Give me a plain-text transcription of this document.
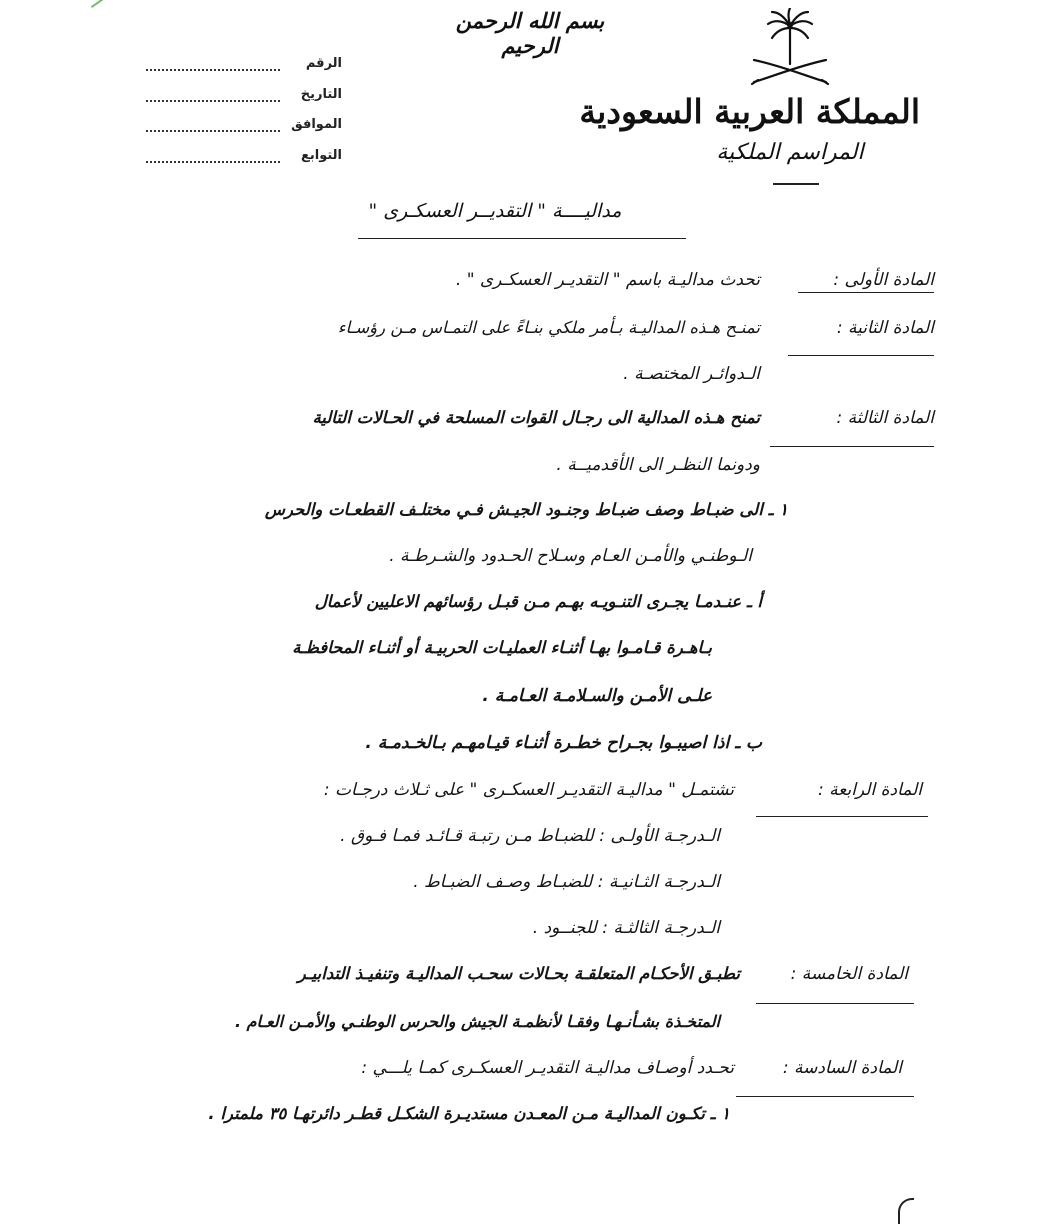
بسم الله الرحمن الرحيم
المملكة العربية السعودية
المراسم الملكية
الرقم
التاريخ
الموافق
التوابع
مداليــــة " التقديــر العسكـرى "
المادة الأولى :
تحدث مداليـة باسم " التقديـر العسكـرى " .
المادة الثانية :
تمنـح هـذه المداليـة بـأمر ملكي بنـاءً على التمـاس مـن رؤسـاء
الـدوائـر المختصـة .
المادة الثالثة :
تمنح هـذه المدالية الى رجـال القوات المسلحة في الحـالات التالية
ودونما النظـر الى الأقدميــة .
١ ـ الى ضبـاط وصف ضبـاط وجنـود الجيـش فـي مختلـف القطعـات والحرس
الـوطنـي والأمـن العـام وسـلاح الحـدود والشـرطـة .
أ ـ عنـدمـا يجـرى التنـويـه بهـم مـن قبـل رؤسائهم الاعليين لأعمال
بـاهـرة قـامـوا بهـا أثنـاء العمليـات الحربيـة أو أثنـاء المحافظـة
علـى الأمـن والسـلامـة العـامـة .
ب ـ اذا اصيبـوا بجـراح خطـرة أثنـاء قيـامهـم بـالخـدمـة .
المادة الرابعة :
تشتمـل " مداليـة التقديـر العسكـرى " على ثـلاث درجـات :
الـدرجـة الأولـى : للضبـاط مـن رتبـة قـائـد فمـا فـوق .
الـدرجـة الثـانيـة : للضبـاط وصـف الضبـاط .
الـدرجـة الثالثـة : للجنــود .
المادة الخامسة :
تطبـق الأحكـام المتعلقـة بحـالات سحـب المداليـة وتنفيـذ التدابيـر
المتخـذة بشـأنـهـا وفقـا لأنظمـة الجيش والحرس الوطنـي والأمـن العـام .
المادة السادسة :
تحـدد أوصـاف مداليـة التقديـر العسكـرى كمـا يلـــي :
١ ـ تكـون المداليـة مـن المعـدن مستديـرة الشكـل قطـر دائرتهـا ٣٥ ملمترا .
